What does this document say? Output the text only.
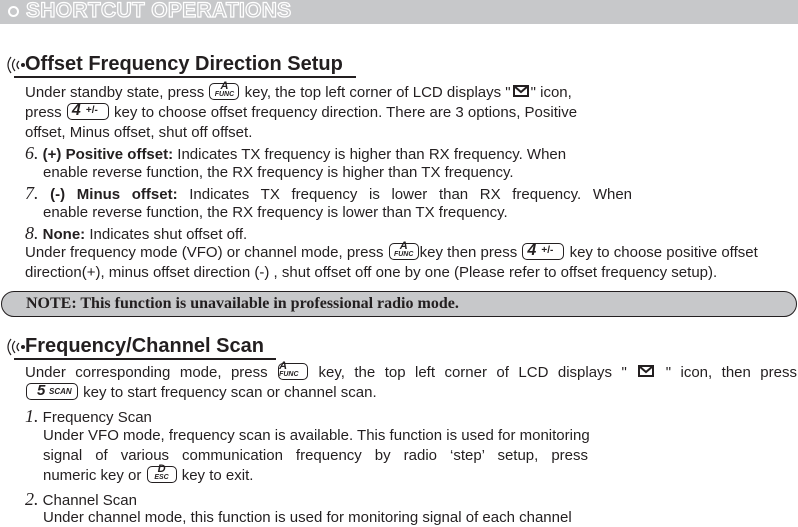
SHORTCUT OPERATIONS
Offset Frequency Direction Setup
Under standby state, press	A
FUNC key, the top left corner of LCD displays " " icon,
press 4 +/- key to choose offset frequency direction. There are 3 options, Positive
offset, Minus offset, shut off offset.
6. (+) Positive offset: Indicates TX frequency is higher than RX frequency. When
enable reverse function, the RX frequency is higher than TX frequency.
7. (-) Minus offset: Indicates TX frequency is lower than RX frequency. When
enable reverse function, the RX frequency is lower than TX frequency.
8. None: Indicates shut offset off.
Under frequency mode (VFO) or channel mode, press	A
FUNC key then press 4 +/- key to choose positive offset
direction(+), minus offset direction (-) , shut offset off one by one (Please refer to offset frequency setup).
NOTE: This function is unavailable in professional radio mode.
Frequency/Channel Scan
Under corresponding mode, press A
FUNC	key, the top left corner of LCD displays "	" icon, then press
5 SCAN key to start frequency scan or channel scan.
1. Frequency Scan
Under VFO mode, frequency scan is available. This function is used for monitoring
signal of various communication frequency by radio ‘step’ setup, press
numeric key or	D
ESC key to exit.
2. Channel Scan
Under channel mode, this function is used for monitoring signal of each channel
